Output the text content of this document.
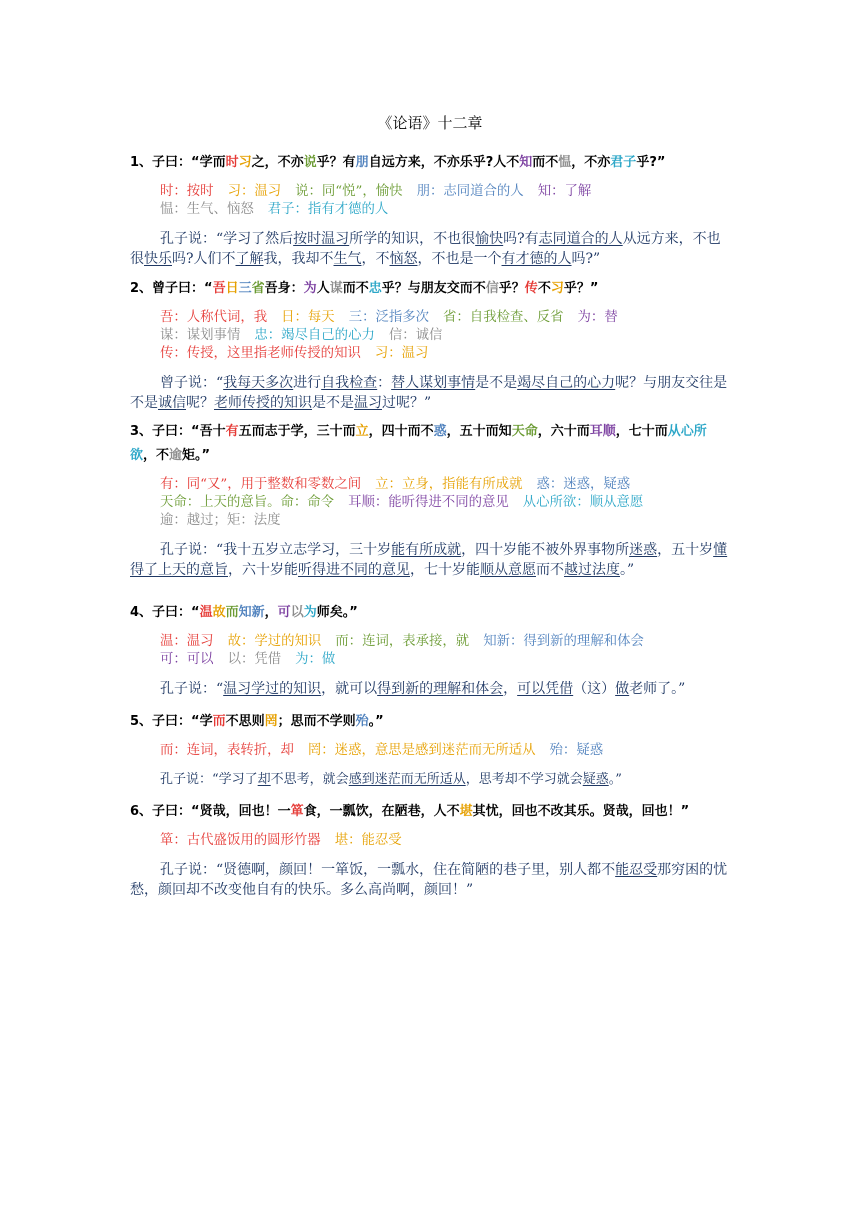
《论语》十二章
1、子曰：“学而时习之，不亦说乎？有朋自远方来，不亦乐乎?人不知而不愠，不亦君子乎?”
时：按时 习：温习 说：同“悦”，愉快 朋：志同道合的人 知：了解
愠：生气、恼怒 君子：指有才德的人
孔子说：“学习了然后按时温习所学的知识，不也很愉快吗?有志同道合的人从远方来，不也很快乐吗?人们不了解我，我却不生气，不恼怒，不也是一个有才德的人吗?”
2、曾子曰：“吾日三省吾身：为人谋而不忠乎？与朋友交而不信乎？传不习乎？”
吾：人称代词，我 日：每天 三：泛指多次 省：自我检查、反省 为：替
谋：谋划事情 忠：竭尽自己的心力 信：诚信
传：传授，这里指老师传授的知识 习：温习
曾子说：“我每天多次进行自我检查：替人谋划事情是不是竭尽自己的心力呢？与朋友交往是不是诚信呢？老师传授的知识是不是温习过呢？”
3、子曰：“吾十有五而志于学，三十而立，四十而不惑，五十而知天命，六十而耳顺，七十而从心所欲，不逾矩。”
有：同“又”，用于整数和零数之间 立：立身，指能有所成就 惑：迷惑，疑惑
天命：上天的意旨。命：命令 耳顺：能听得进不同的意见 从心所欲：顺从意愿
逾：越过；矩：法度
孔子说：“我十五岁立志学习，三十岁能有所成就，四十岁能不被外界事物所迷惑，五十岁懂得了上天的意旨，六十岁能听得进不同的意见，七十岁能顺从意愿而不越过法度。”
4、子曰：“温故而知新，可以为师矣。”
温：温习 故：学过的知识 而：连词，表承接，就 知新：得到新的理解和体会
可：可以 以：凭借 为：做
孔子说：“温习学过的知识，就可以得到新的理解和体会，可以凭借（这）做老师了。”
5、子曰：“学而不思则罔；思而不学则殆。”
而：连词，表转折，却 罔：迷惑，意思是感到迷茫而无所适从 殆：疑惑
孔子说：“学习了却不思考，就会感到迷茫而无所适从，思考却不学习就会疑惑。”
6、子曰：“贤哉，回也！一箪食，一瓢饮，在陋巷，人不堪其忧，回也不改其乐。贤哉，回也！”
箪：古代盛饭用的圆形竹器 堪：能忍受
孔子说：“贤德啊，颜回！一箪饭，一瓢水，住在简陋的巷子里，别人都不能忍受那穷困的忧愁，颜回却不改变他自有的快乐。多么高尚啊，颜回！”
